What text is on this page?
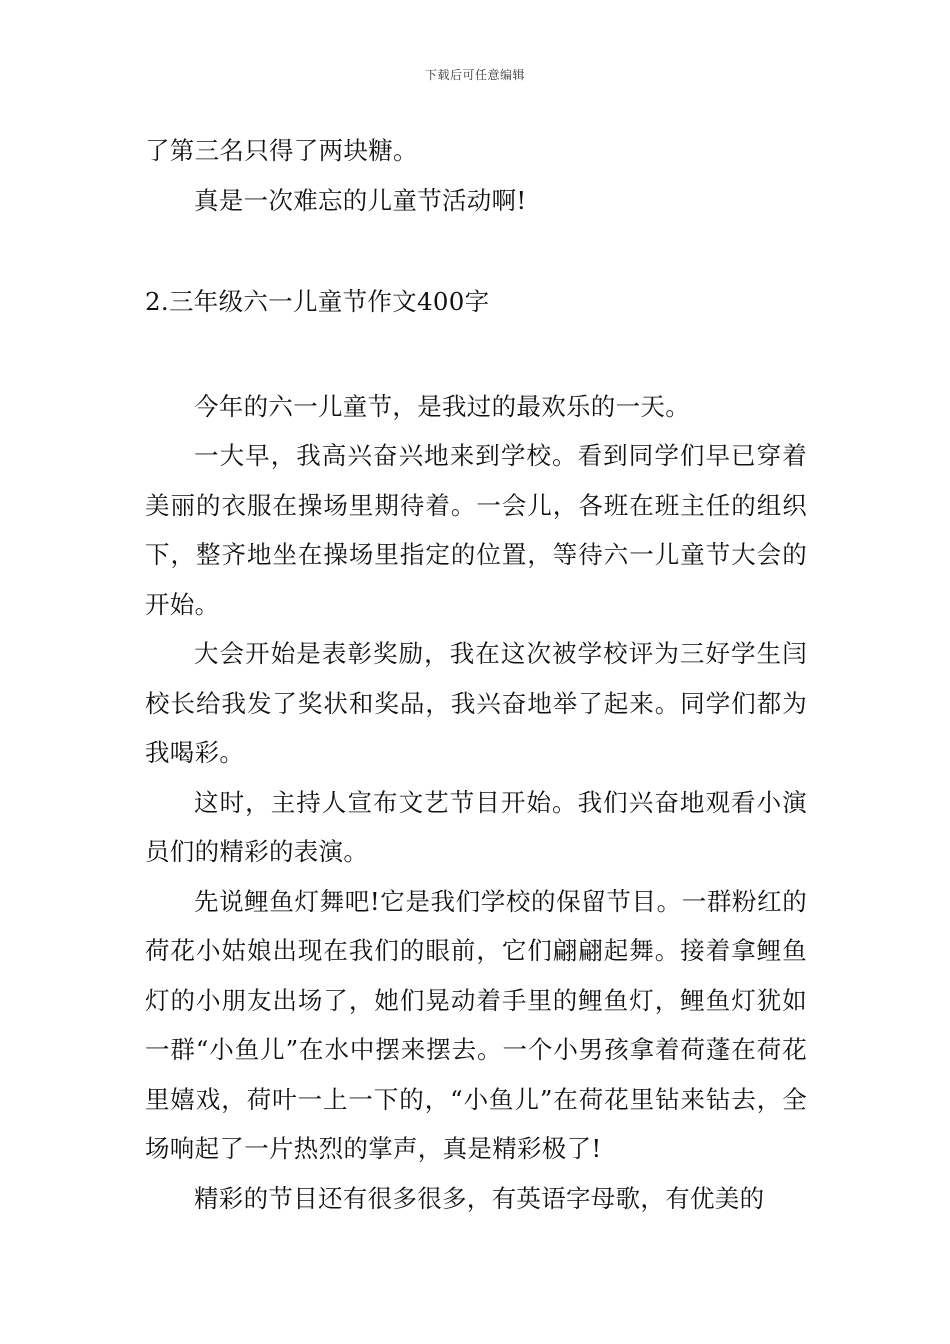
下载后可任意编辑

了第三名只得了两块糖。

真是一次难忘的儿童节活动啊!

2.三年级六一儿童节作文400字

今年的六一儿童节，是我过的最欢乐的一天。

一大早，我高兴奋兴地来到学校。看到同学们早已穿着美丽的衣服在操场里期待着。一会儿，各班在班主任的组织下，整齐地坐在操场里指定的位置，等待六一儿童节大会的开始。

大会开始是表彰奖励，我在这次被学校评为三好学生闫校长给我发了奖状和奖品，我兴奋地举了起来。同学们都为我喝彩。

这时，主持人宣布文艺节目开始。我们兴奋地观看小演员们的精彩的表演。

先说鲤鱼灯舞吧!它是我们学校的保留节目。一群粉红的荷花小姑娘出现在我们的眼前，它们翩翩起舞。接着拿鲤鱼灯的小朋友出场了，她们晃动着手里的鲤鱼灯，鲤鱼灯犹如一群“小鱼儿”在水中摆来摆去。一个小男孩拿着荷蓬在荷花里嬉戏，荷叶一上一下的，“小鱼儿”在荷花里钻来钻去，全场响起了一片热烈的掌声，真是精彩极了!

精彩的节目还有很多很多，有英语字母歌，有优美的
